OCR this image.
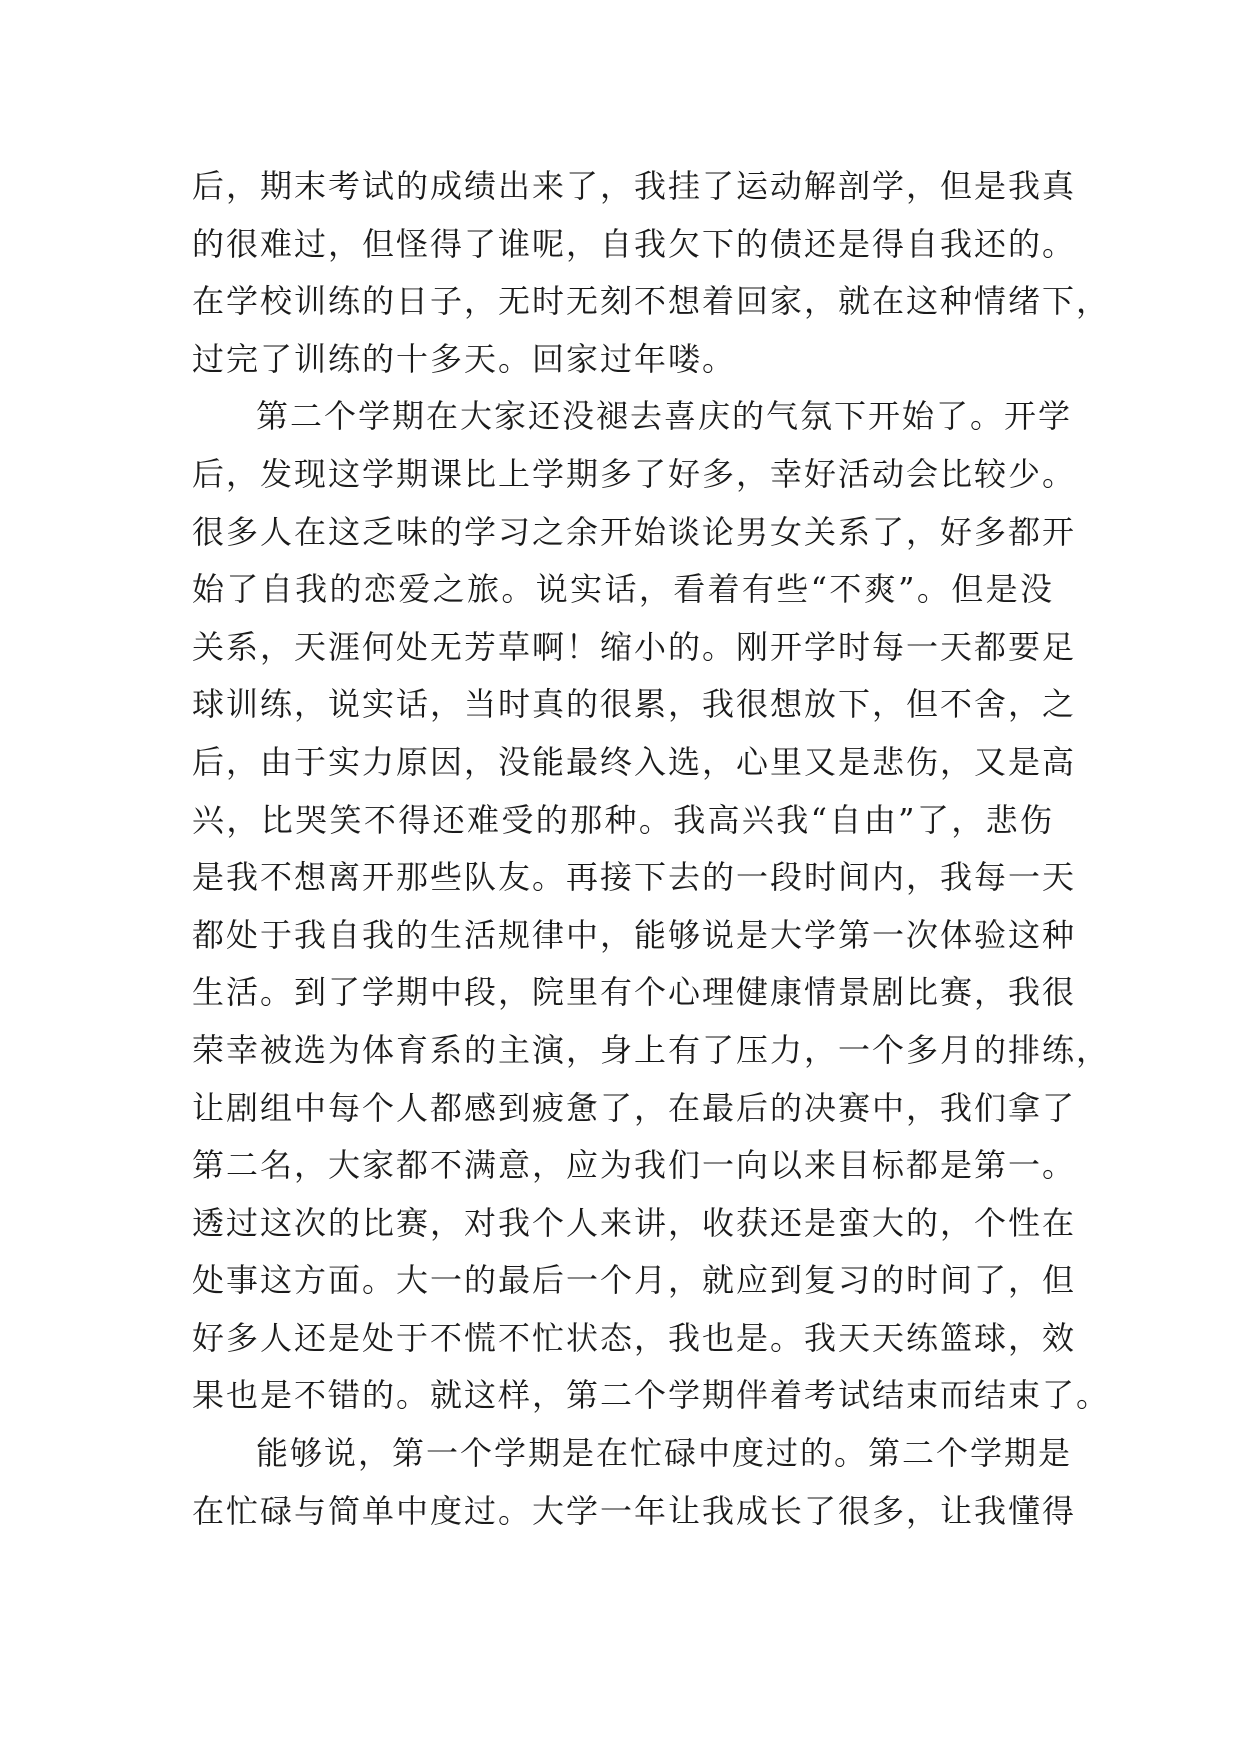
后，期末考试的成绩出来了，我挂了运动解剖学，但是我真
的很难过，但怪得了谁呢，自我欠下的债还是得自我还的。
在学校训练的日子，无时无刻不想着回家，就在这种情绪下，
过完了训练的十多天。回家过年喽。
第二个学期在大家还没褪去喜庆的气氛下开始了。开学
后，发现这学期课比上学期多了好多，幸好活动会比较少。
很多人在这乏味的学习之余开始谈论男女关系了，好多都开
始了自我的恋爱之旅。说实话，看着有些“不爽”。但是没
关系，天涯何处无芳草啊！缩小的。刚开学时每一天都要足
球训练，说实话，当时真的很累，我很想放下，但不舍，之
后，由于实力原因，没能最终入选，心里又是悲伤，又是高
兴，比哭笑不得还难受的那种。我高兴我“自由”了，悲伤
是我不想离开那些队友。再接下去的一段时间内，我每一天
都处于我自我的生活规律中，能够说是大学第一次体验这种
生活。到了学期中段，院里有个心理健康情景剧比赛，我很
荣幸被选为体育系的主演，身上有了压力，一个多月的排练，
让剧组中每个人都感到疲惫了，在最后的决赛中，我们拿了
第二名，大家都不满意，应为我们一向以来目标都是第一。
透过这次的比赛，对我个人来讲，收获还是蛮大的，个性在
处事这方面。大一的最后一个月，就应到复习的时间了，但
好多人还是处于不慌不忙状态，我也是。我天天练篮球，效
果也是不错的。就这样，第二个学期伴着考试结束而结束了。
能够说，第一个学期是在忙碌中度过的。第二个学期是
在忙碌与简单中度过。大学一年让我成长了很多，让我懂得
